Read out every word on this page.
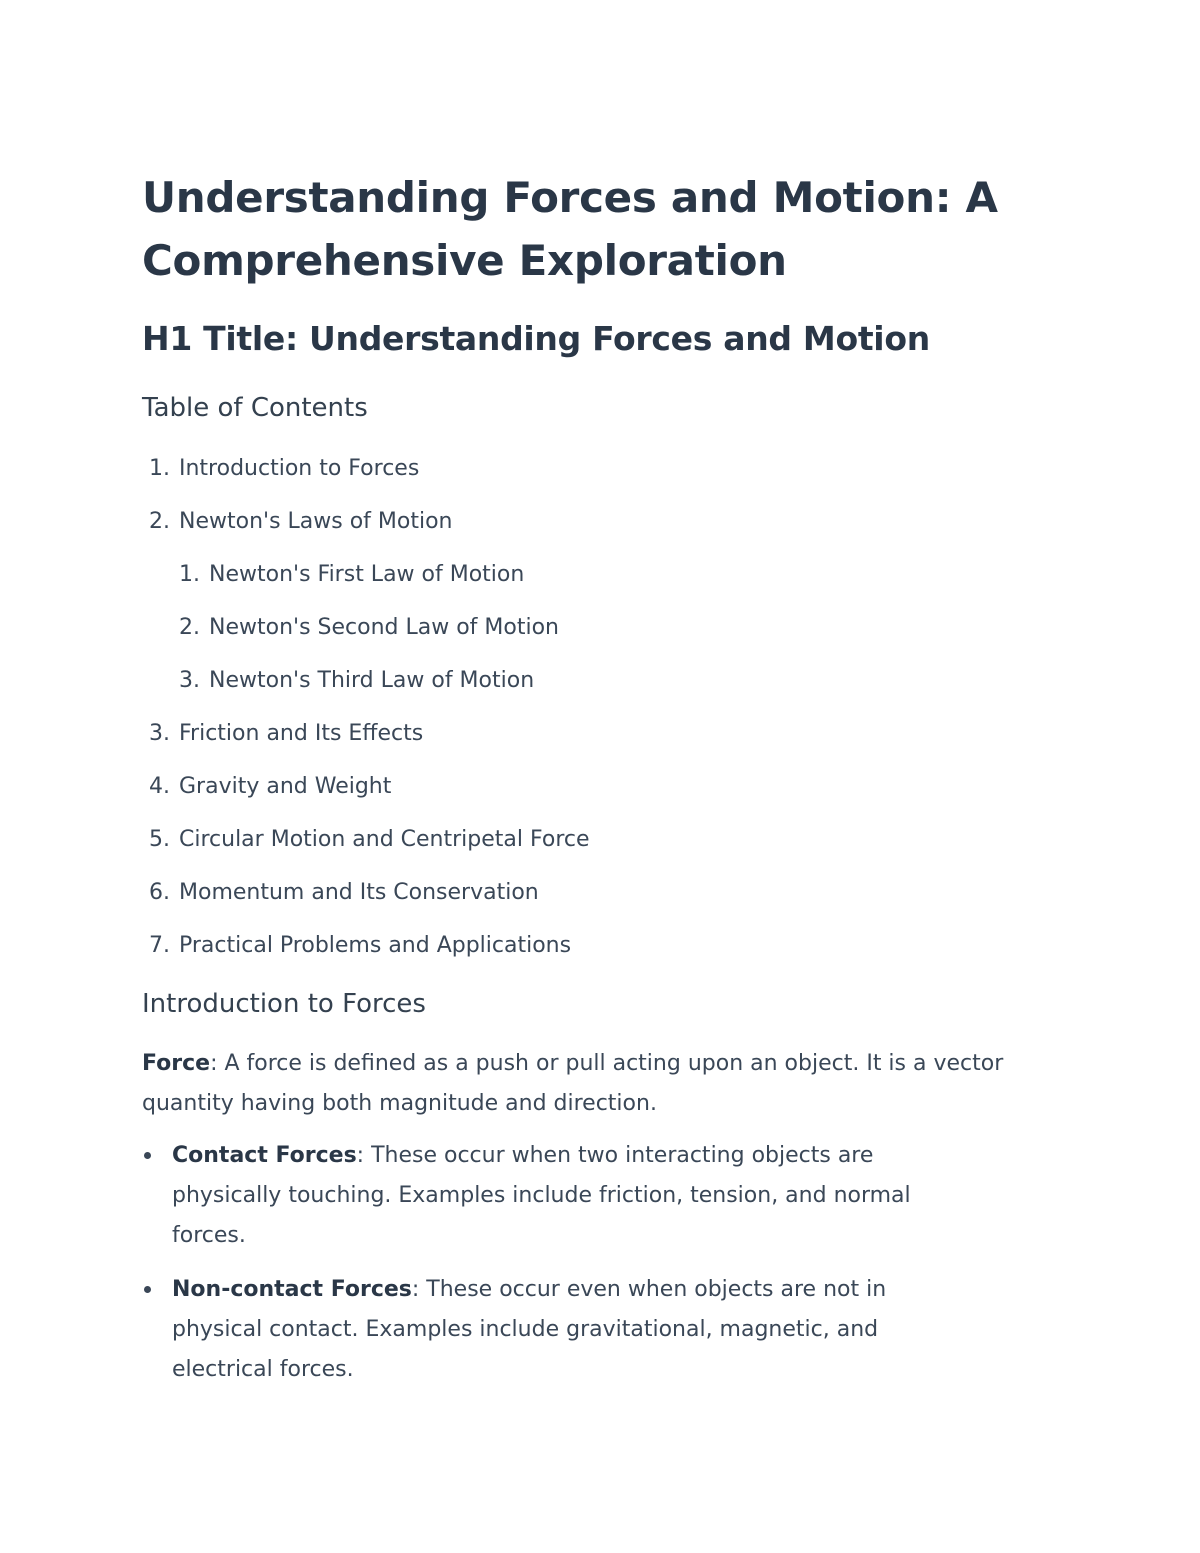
Understanding Forces and Motion: A Comprehensive Exploration
H1 Title: Understanding Forces and Motion
Table of Contents
1. Introduction to Forces
2. Newton's Laws of Motion
1. Newton's First Law of Motion
2. Newton's Second Law of Motion
3. Newton's Third Law of Motion
3. Friction and Its Effects
4. Gravity and Weight
5. Circular Motion and Centripetal Force
6. Momentum and Its Conservation
7. Practical Problems and Applications
Introduction to Forces

Force: A force is defined as a push or pull acting upon an object. It is a vector quantity having both magnitude and direction.

Contact Forces: These occur when two interacting objects are physically touching. Examples include friction, tension, and normal forces.
Non-contact Forces: These occur even when objects are not in physical contact. Examples include gravitational, magnetic, and electrical forces.
